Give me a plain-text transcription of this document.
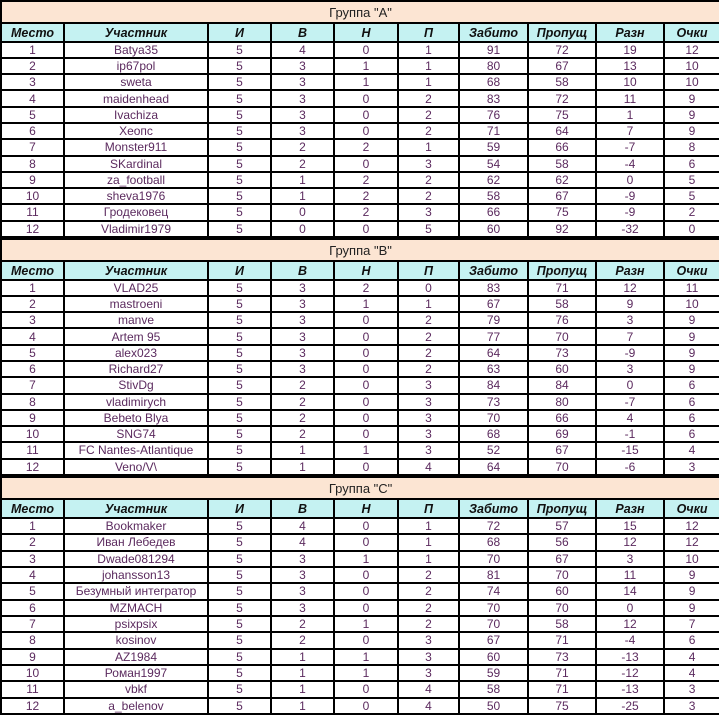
Группа "A"									
Место	Участник	И	В	Н	П	Забито	Пропущ	Разн	Очки
1	Batya35	5	4	0	1	91	72	19	12
2	ip67pol	5	3	1	1	80	67	13	10
3	sweta	5	3	1	1	68	58	10	10
4	maidenhead	5	3	0	2	83	72	11	9
5	Ivachiza	5	3	0	2	76	75	1	9
6	Хеопс	5	3	0	2	71	64	7	9
7	Monster911	5	2	2	1	59	66	-7	8
8	SKardinal	5	2	0	3	54	58	-4	6
9	za_football	5	1	2	2	62	62	0	5
10	sheva1976	5	1	2	2	58	67	-9	5
11	Гродековец	5	0	2	3	66	75	-9	2
12	Vladimir1979	5	0	0	5	60	92	-32	0
Группа "B"									
Место	Участник	И	В	Н	П	Забито	Пропущ	Разн	Очки
1	VLAD25	5	3	2	0	83	71	12	11
2	mastroeni	5	3	1	1	67	58	9	10
3	manve	5	3	0	2	79	76	3	9
4	Artem 95	5	3	0	2	77	70	7	9
5	alex023	5	3	0	2	64	73	-9	9
6	Richard27	5	3	0	2	63	60	3	9
7	StivDg	5	2	0	3	84	84	0	6
8	vladimirych	5	2	0	3	73	80	-7	6
9	Bebeto Blya	5	2	0	3	70	66	4	6
10	SNG74	5	2	0	3	68	69	-1	6
11	FC Nantes-Atlantique	5	1	1	3	52	67	-15	4
12	Veno/V\	5	1	0	4	64	70	-6	3
Группа "C"									
Место	Участник	И	В	Н	П	Забито	Пропущ	Разн	Очки
1	Bookmaker	5	4	0	1	72	57	15	12
2	Иван Лебедев	5	4	0	1	68	56	12	12
3	Dwade081294	5	3	1	1	70	67	3	10
4	johansson13	5	3	0	2	81	70	11	9
5	Безумный интегратор	5	3	0	2	74	60	14	9
6	MZMACH	5	3	0	2	70	70	0	9
7	psixpsix	5	2	1	2	70	58	12	7
8	kosinov	5	2	0	3	67	71	-4	6
9	AZ1984	5	1	1	3	60	73	-13	4
10	Роман1997	5	1	1	3	59	71	-12	4
11	vbkf	5	1	0	4	58	71	-13	3
12	a_belenov	5	1	0	4	50	75	-25	3
